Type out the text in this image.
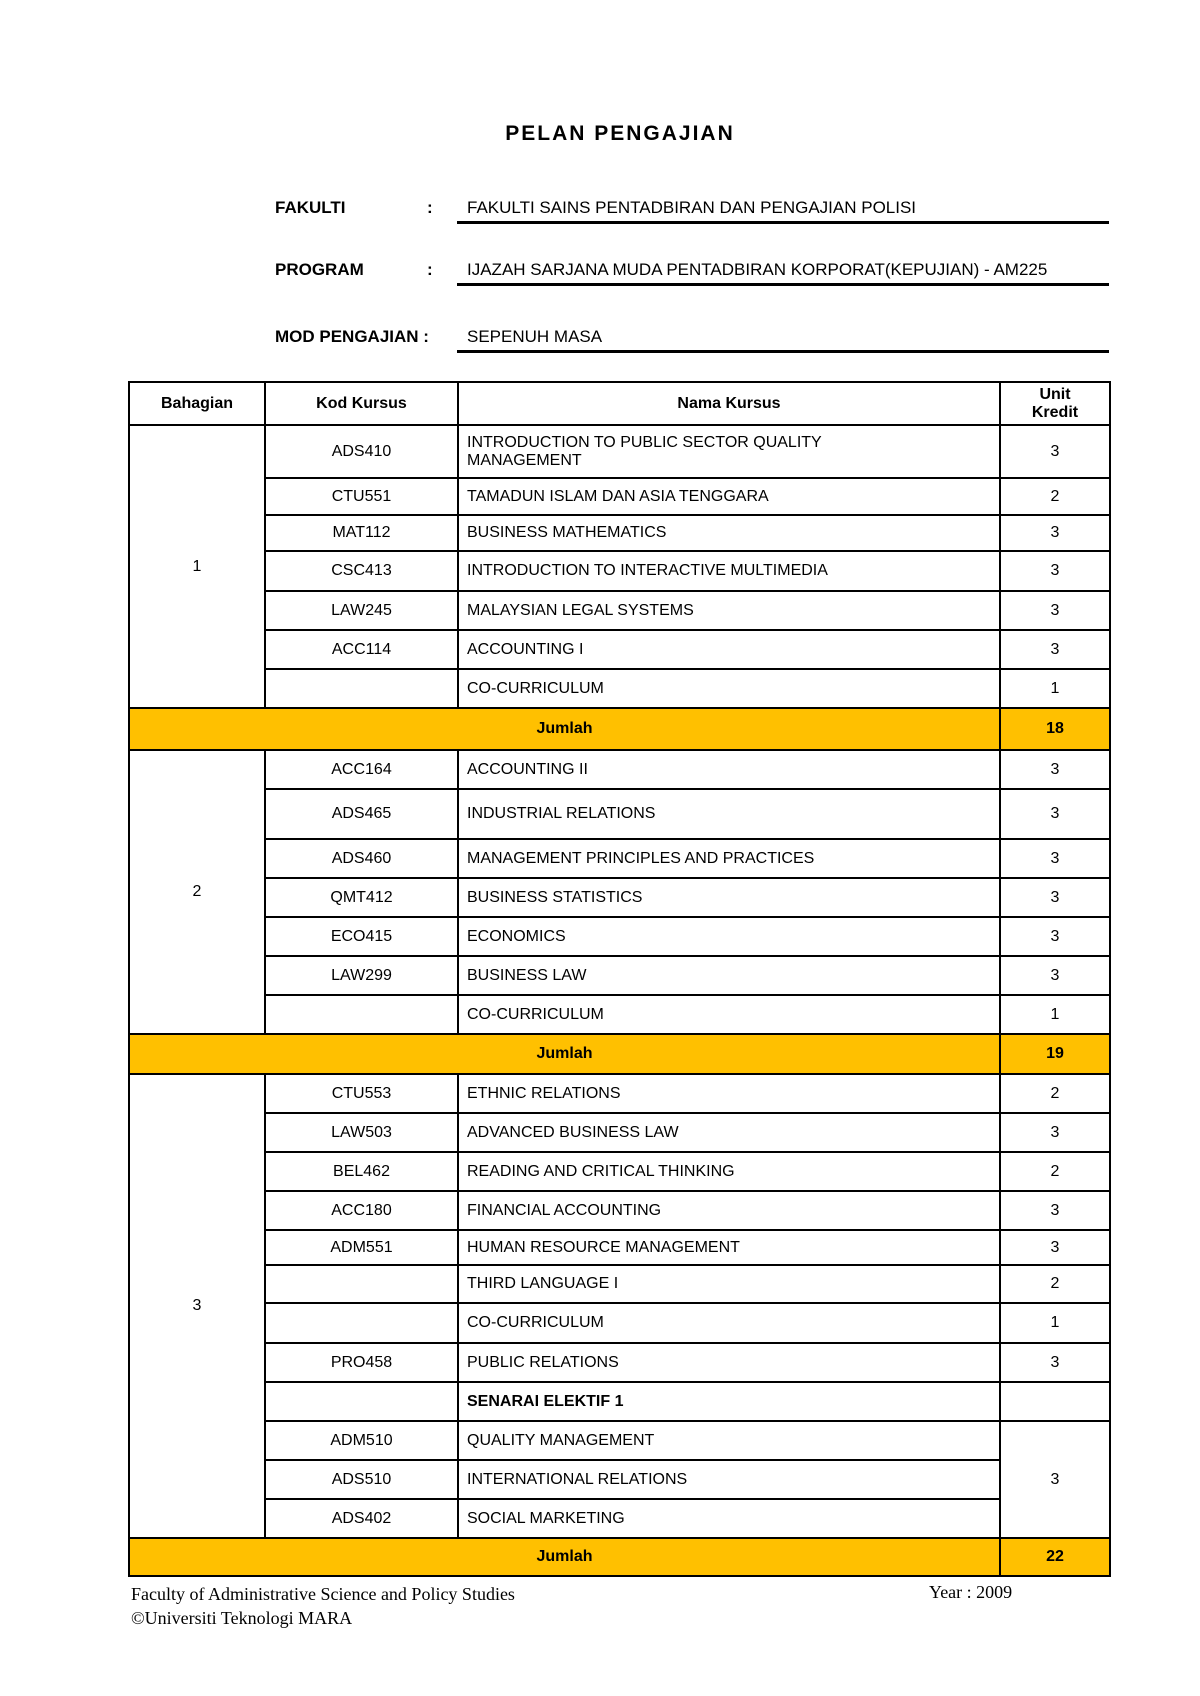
PELAN PENGAJIAN
FAKULTI	:	FAKULTI SAINS PENTADBIRAN DAN PENGAJIAN POLISI
PROGRAM	:	IJAZAH SARJANA MUDA PENTADBIRAN KORPORAT(KEPUJIAN) - AM225
MOD PENGAJIAN :	SEPENUH MASA
Bahagian	Kod Kursus	Nama Kursus	Unit
Kredit
1	ADS410	INTRODUCTION TO PUBLIC SECTOR QUALITY
MANAGEMENT	3
	CTU551	TAMADUN ISLAM DAN ASIA TENGGARA	2
	MAT112	BUSINESS MATHEMATICS	3
	CSC413	INTRODUCTION TO INTERACTIVE MULTIMEDIA	3
	LAW245	MALAYSIAN LEGAL SYSTEMS	3
	ACC114	ACCOUNTING I	3
		CO-CURRICULUM	1
Jumlah			18
2	ACC164	ACCOUNTING II	3
	ADS465	INDUSTRIAL RELATIONS	3
	ADS460	MANAGEMENT PRINCIPLES AND PRACTICES	3
	QMT412	BUSINESS STATISTICS	3
	ECO415	ECONOMICS	3
	LAW299	BUSINESS LAW	3
		CO-CURRICULUM	1
Jumlah			19
3	CTU553	ETHNIC RELATIONS	2
	LAW503	ADVANCED BUSINESS LAW	3
	BEL462	READING AND CRITICAL THINKING	2
	ACC180	FINANCIAL ACCOUNTING	3
	ADM551	HUMAN RESOURCE MANAGEMENT	3
		THIRD LANGUAGE I	2
		CO-CURRICULUM	1
	PRO458	PUBLIC RELATIONS	3
		SENARAI ELEKTIF 1	
	ADM510	QUALITY MANAGEMENT	3
	ADS510	INTERNATIONAL RELATIONS	
	ADS402	SOCIAL MARKETING	
Jumlah			22
Faculty of Administrative Science and Policy Studies
©Universiti Teknologi MARA
Year : 2009
